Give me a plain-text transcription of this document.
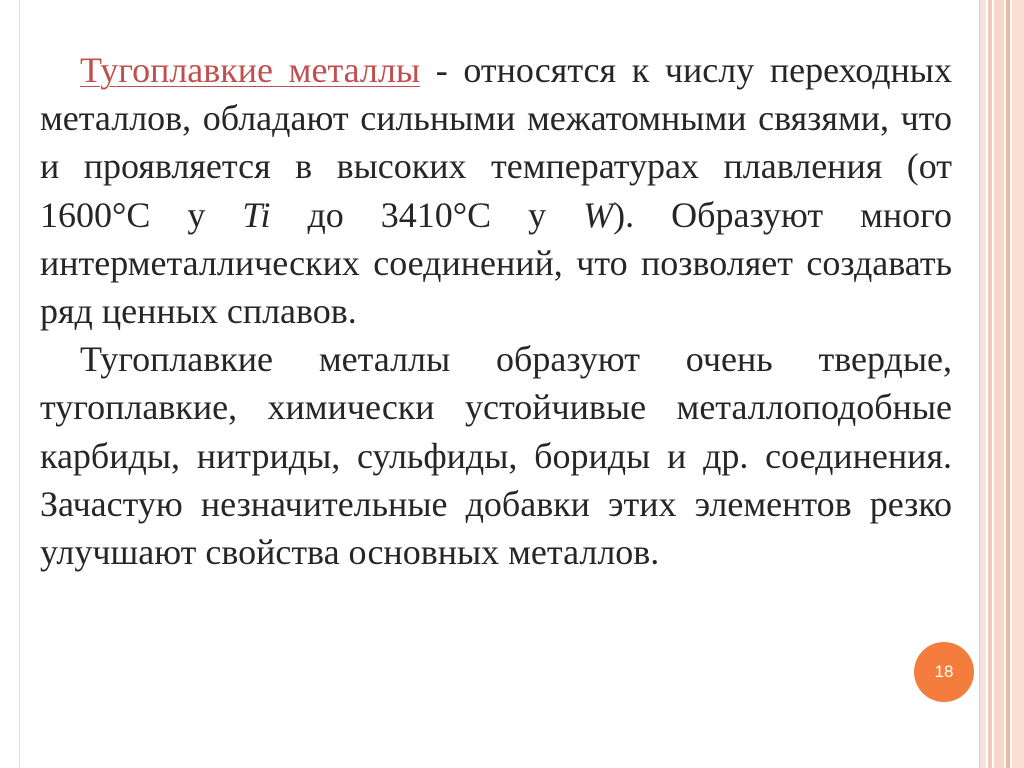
Тугоплавкие металлы - относятся к числу переходных металлов, обладают сильными межатомными связями, что и проявляется в высоких температурах плавления (от 1600°С у Ti до 3410°С у W). Образуют много интерметаллических соединений, что позволяет создавать ряд ценных сплавов.

Тугоплавкие металлы образуют очень твердые, тугоплавкие, химически устойчивые металлоподобные карбиды, нитриды, сульфиды, бориды и др. соединения. Зачастую незначительные добавки этих элементов резко улучшают свойства основных металлов.

18
